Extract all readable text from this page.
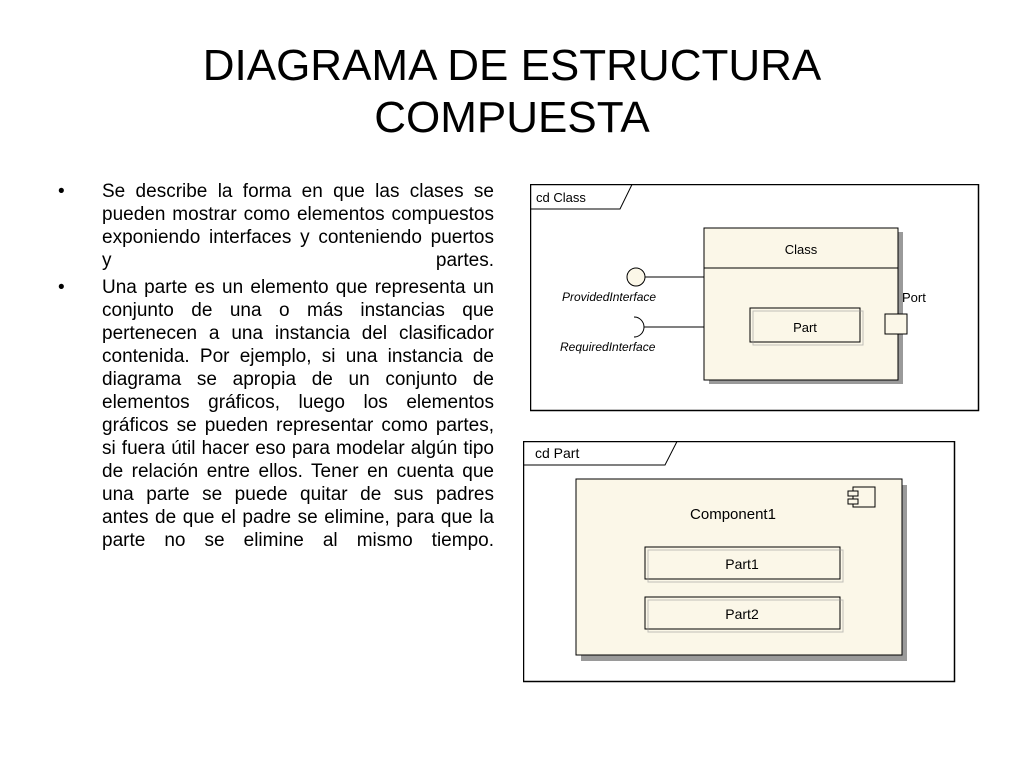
DIAGRAMA DE ESTRUCTURA
COMPUESTA
•	Se describe la forma en que las clases se pueden mostrar como elementos compuestos exponiendo interfaces y conteniendo puertos y partes.
•	Una parte es un elemento que representa un conjunto de una o más instancias que pertenecen a una instancia del clasificador contenida. Por ejemplo, si una instancia de diagrama se apropia de un conjunto de elementos gráficos, luego los elementos gráficos se pueden representar como partes, si fuera útil hacer eso para modelar algún tipo de relación entre ellos. Tener en cuenta que una parte se puede quitar de sus padres antes de que el padre se elimine, para que la parte no se elimine al mismo tiempo.
cd Class
Class
Part
Port
ProvidedInterface
RequiredInterface
cd Part
Component1
Part1
Part2
